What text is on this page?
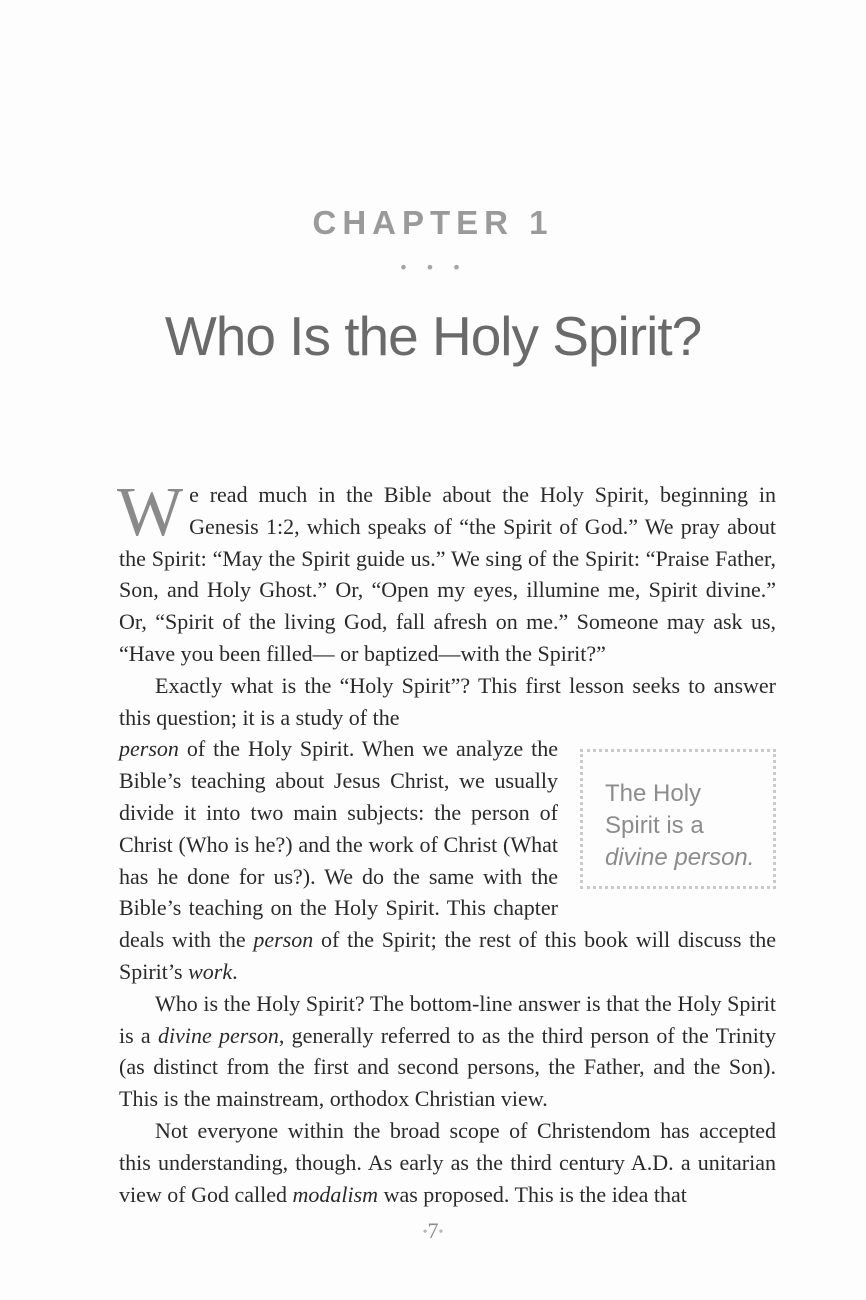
CHAPTER 1
• • •
Who Is the Holy Spirit?

We read much in the Bible about the Holy Spirit, beginning in Genesis 1:2, which speaks of “the Spirit of God.” We pray about the Spirit: “May the Spirit guide us.” We sing of the Spirit: “Praise Father, Son, and Holy Ghost.” Or, “Open my eyes, illumine me, Spirit divine.” Or, “Spirit of the living God, fall afresh on me.” Someone may ask us, “Have you been filled— or baptized—with the Spirit?”

Exactly what is the “Holy Spirit”? This first lesson seeks to answer this question; it is a study of the

The Holy Spirit is a divine person.
person of the Holy Spirit. When we analyze the Bible’s teaching about Jesus Christ, we usually divide it into two main subjects: the person of Christ (Who is he?) and the work of Christ (What has he done for us?). We do the same with the Bible’s teaching on the Holy Spirit. This chapter deals with the person of the Spirit; the rest of this book will discuss the Spirit’s work.

Who is the Holy Spirit? The bottom-line answer is that the Holy Spirit is a divine person, generally referred to as the third person of the Trinity (as distinct from the first and second persons, the Father, and the Son). This is the mainstream, orthodox Christian view.

Not everyone within the broad scope of Christendom has accepted this understanding, though. As early as the third century A.D. a unitarian view of God called modalism was proposed. This is the idea that

•7•
